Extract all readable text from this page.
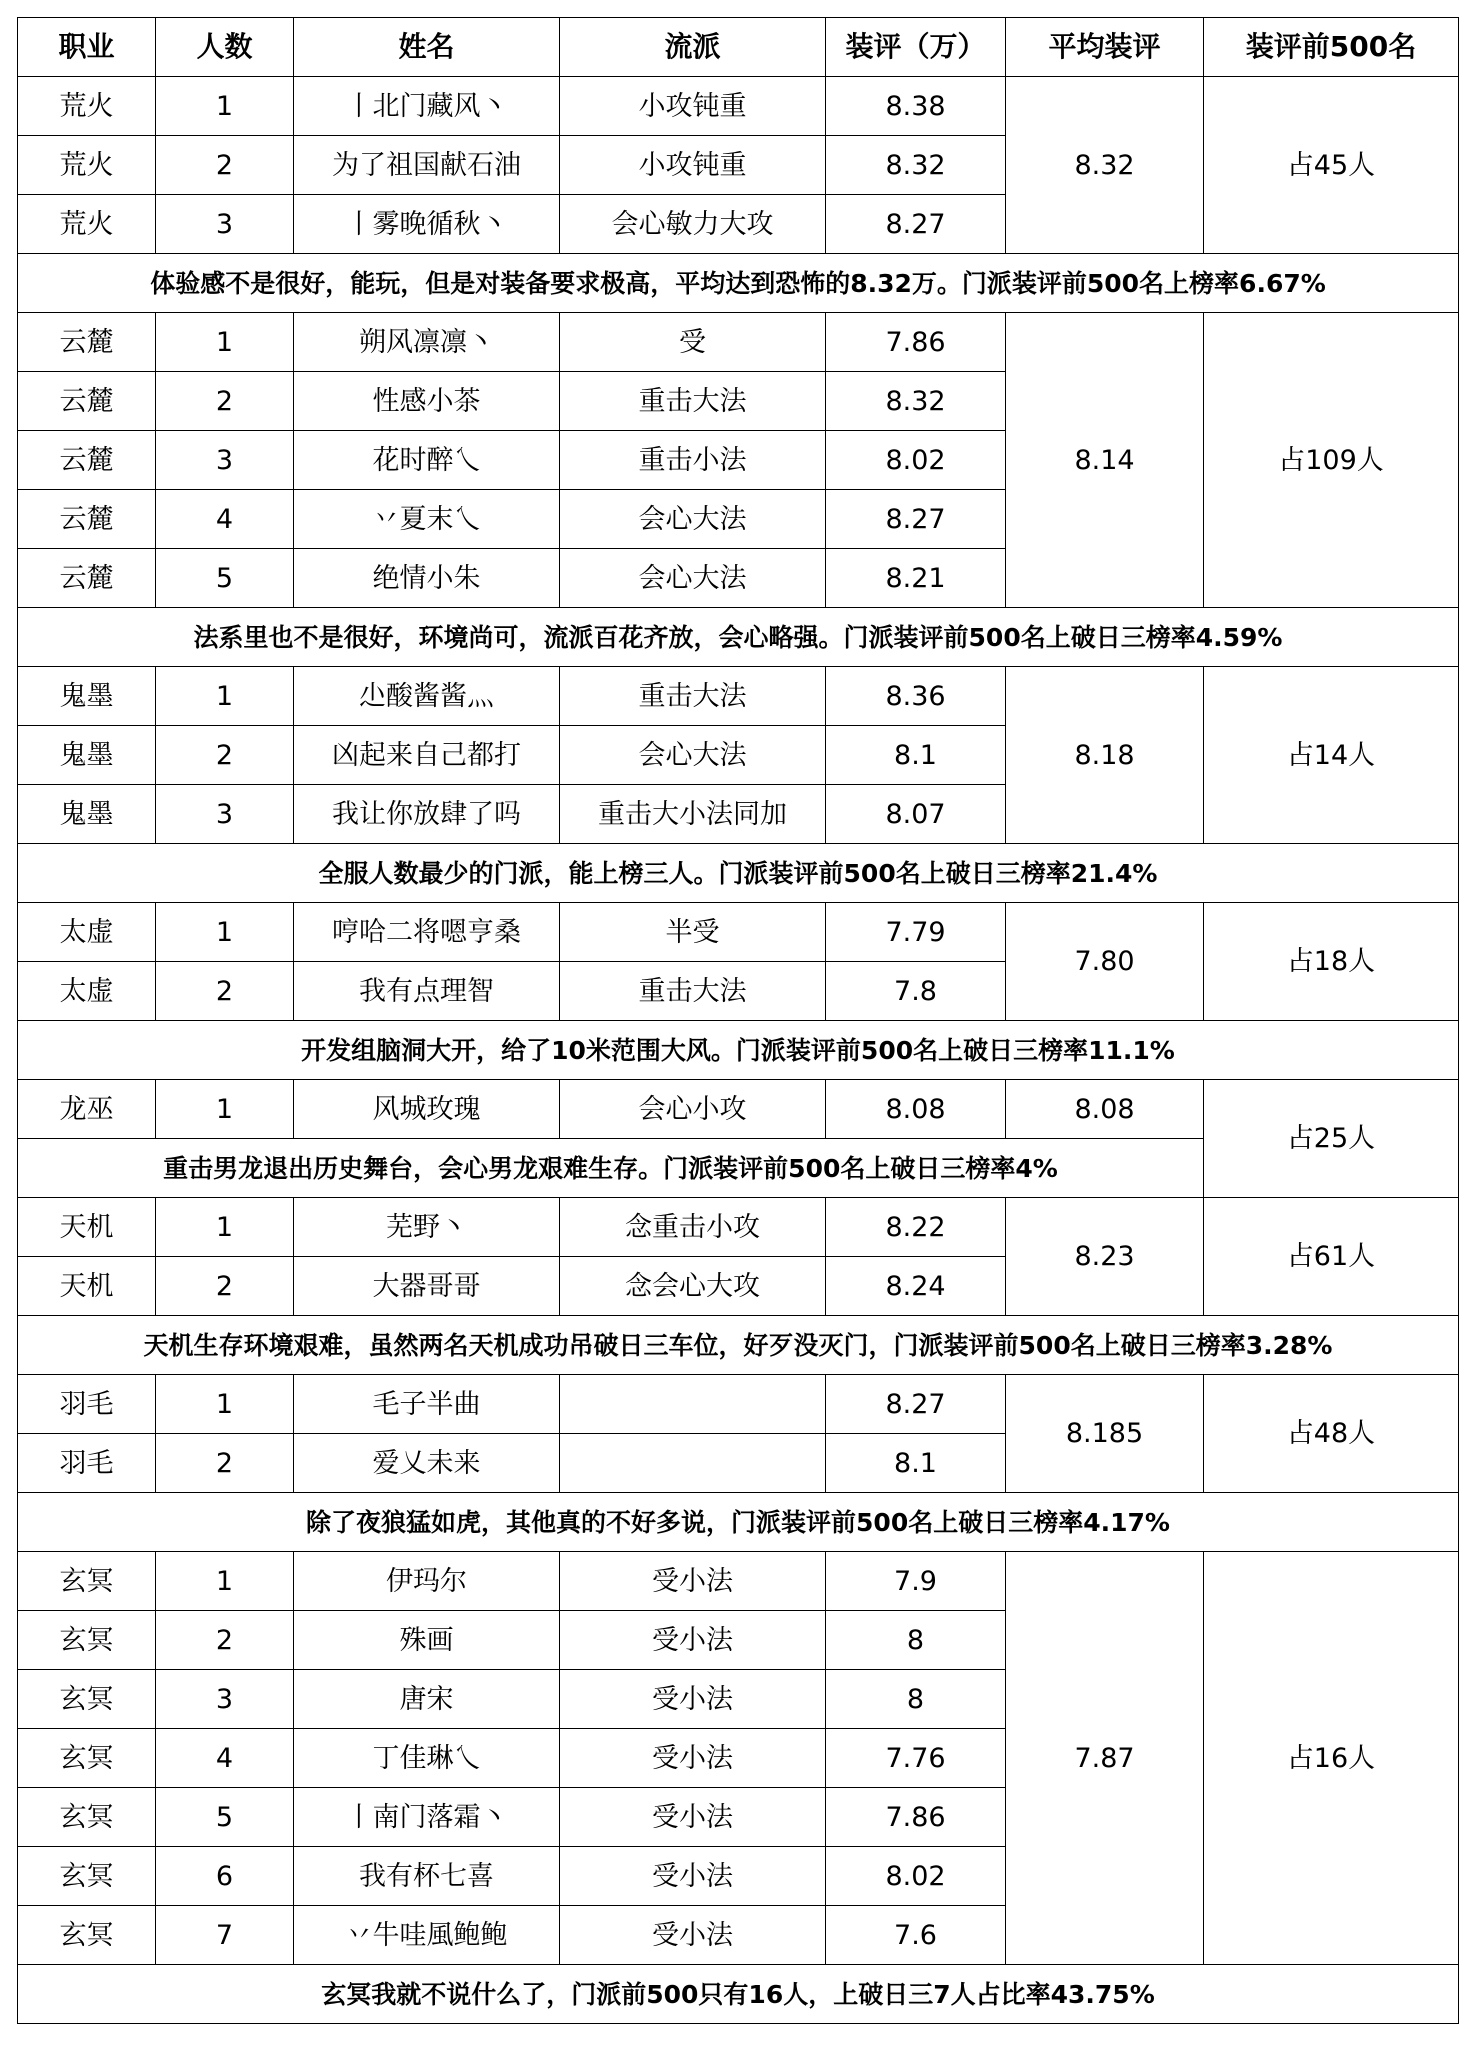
职业	人数	姓名	流派	装评（万）	平均装评	装评前500名
荒火	1	丨北门藏风丶	小攻钝重	8.38	8.32	占45人
荒火	2	为了祖国献石油	小攻钝重	8.32		
荒火	3	丨雾晚循秋丶	会心敏力大攻	8.27		
体验感不是很好，能玩，但是对装备要求极高，平均达到恐怖的8.32万。门派装评前500名上榜率6.67%						
云麓	1	朔风凛凛丶	受	7.86	8.14	占109人
云麓	2	性感小茶	重击大法	8.32		
云麓	3	花时醉乀	重击小法	8.02		
云麓	4	丷夏末乀	会心大法	8.27		
云麓	5	绝情小朱	会心大法	8.21		
法系里也不是很好，环境尚可，流派百花齐放，会心略强。门派装评前500名上破日三榜率4.59%						
鬼墨	1	尐酸酱酱灬	重击大法	8.36	8.18	占14人
鬼墨	2	凶起来自己都打	会心大法	8.1		
鬼墨	3	我让你放肆了吗	重击大小法同加	8.07		
全服人数最少的门派，能上榜三人。门派装评前500名上破日三榜率21.4%						
太虚	1	哼哈二将嗯亨桑	半受	7.79	7.80	占18人
太虚	2	我有点理智	重击大法	7.8		
开发组脑洞大开，给了10米范围大风。门派装评前500名上破日三榜率11.1%						
龙巫	1	风城玫瑰	会心小攻	8.08	8.08	占25人
重击男龙退出历史舞台，会心男龙艰难生存。门派装评前500名上破日三榜率4%						
天机	1	芜野丶	念重击小攻	8.22	8.23	占61人
天机	2	大器哥哥	念会心大攻	8.24		
天机生存环境艰难，虽然两名天机成功吊破日三车位，好歹没灭门，门派装评前500名上破日三榜率3.28%						
羽毛	1	毛子半曲		8.27	8.185	占48人
羽毛	2	爱乂未来		8.1		
除了夜狼猛如虎，其他真的不好多说，门派装评前500名上破日三榜率4.17%						
玄冥	1	伊玛尔	受小法	7.9	7.87	占16人
玄冥	2	殊画	受小法	8		
玄冥	3	唐宋	受小法	8		
玄冥	4	丁佳琳乀	受小法	7.76		
玄冥	5	丨南门落霜丶	受小法	7.86		
玄冥	6	我有杯七喜	受小法	8.02		
玄冥	7	丷牛哇風鲍鲍	受小法	7.6		
玄冥我就不说什么了，门派前500只有16人，上破日三7人占比率43.75%						
